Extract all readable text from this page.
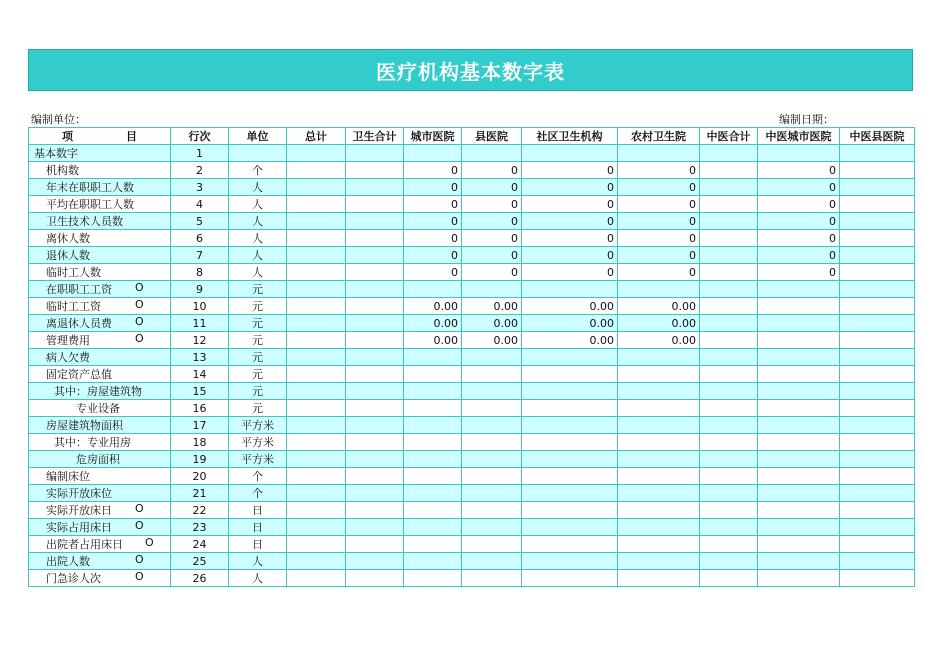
医疗机构基本数字表
编制单位：	编制日期：
项 目	行次	单位	总计	卫生合计	城市医院	县医院	社区卫生机构	农村卫生院	中医合计	中医城市医院	中医县医院
基本数字	1										
机构数	2	个			0	0	0	0		0	
年末在职职工人数	3	人			0	0	0	0		0	
平均在职职工人数	4	人			0	0	0	0		0	
卫生技术人员数	5	人			0	0	0	0		0	
离休人数	6	人			0	0	0	0		0	
退休人数	7	人			0	0	0	0		0	
临时工人数	8	人			0	0	0	0		0	
在职职工工资 O	9	元									
临时工工资 O	10	元			0.00	0.00	0.00	0.00			
离退休人员费 O	11	元			0.00	0.00	0.00	0.00			
管理费用 O	12	元			0.00	0.00	0.00	0.00			
病人欠费	13	元									
固定资产总值	14	元									
其中：房屋建筑物	15	元									
专业设备	16	元									
房屋建筑物面积	17	平方米									
其中：专业用房	18	平方米									
危房面积	19	平方米									
编制床位	20	个									
实际开放床位	21	个									
实际开放床日 O	22	日									
实际占用床日 O	23	日									
出院者占用床日 O	24	日									
出院人数 O	25	人									
门急诊人次 O	26	人									
